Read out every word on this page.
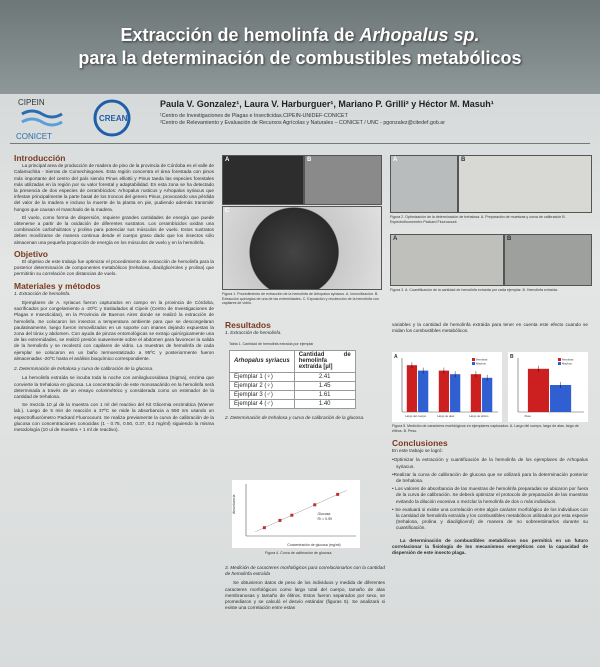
Extracción de hemolinfa de Arhopalus sp.
para la determinación de combustibles metabólicos
CIPEIN
CONICET
CREAN
Paula V. Gonzalez¹, Laura V. Harburguer¹, Mariano P. Grilli² y Héctor M. Masuh¹
¹Centro de Investigaciones de Plagas e Insecticidas.CIPEIN-UNIDEF-CONICET
²Centro de Relevamiento y Evaluación de Recursos Agrícolas y Naturales – CONICET / UNC - pgonzalez@citedef.gob.ar
Introducción
La principal area de producción de madera de pino de la provincia de Córdoba es el valle de Calamuchita - Sierras de Comechingones. Esta región concentra el área forestada con pinos más importante del centro del país siendo Pinus elliottii y Pinus taeda las especies forestales más utilizadas en la región por su valor forestal y adaptabilidad. En esta zona se ha detectado la presencia de dos especies de cerambícidos: Arhopalus rusticus y Arhopalus syriacus que infestan principalmente la parte basal de los troncos del genero Pinus, provocando una pérdida del valor de la madera e incluso la muerte de la planta en pie, pudiendo además transmitir hongos que causan el manchado de la madera.
El vuelo, como forma de dispersión, requiere grandes cantidades de energía que puede obtenerse a partir de la oxidación de diferentes sustratos. Los cerambícidos oxidan una combinación carbohidratos y prolina para potenciar sus músculos de vuelo. Estos sustratos deben movilizarse de manera continua desde el cuerpo graso dado que los insectos sólo almacenan una pequeña proporción de energía en los músculos de vuelo y en la hemolinfa.
Objetivo
El objetivo de este trabajo fue optimizar el procedimiento de extracción de hemolinfa para la posterior determinación de componentes metabólicos (trehalosa, diacilglicéroles y prolina) que permitirán su correlación con distancias de vuelo.
Materiales y métodos
1. Extracción de hemolinfa.
Ejemplares de A. syriacus fueron capturados en campo en la provincia de Córdoba, sacrificados por congelamiento a -20ºC y trasladados al Cipein (Centro de Investigaciones de Plagas e Insecticidas), en la Provincia de Buenos Aires donde se realizó la extracción de hemolinfa. Se colocaron los insectos a temperatura ambiente para que se descongelaran paulatinamente, luego fueron inmovilizados en un soporte con imanes dejando expuestas la zona del tórax y abdomen. Con ayuda de pinzas entomológicas se extrajo quirúrgicamente una de las extremidades, se realizó presión suavemente sobre el abdomen para favorecer la salida de la hemolinfa y se recolectó con capilares de vidrio. La muestras de hemolinfa de cada ejemplar se colocaron en un baño termoestatizado a 95ºC y posteriormente fueron almacenadas -20ºC hasta el análisis bioquímico correspondiente.
2. Determinación de trehalosa y curva de calibración de la glucosa.
La hemolinfa extraída se incuba toda la noche con amiloglucosidasa (Sigma), enzima que convierte la trehalosa en glucosa. La concentración de este monosacárido en la hemolinfa será determinada a través de un ensayo colorimétrico y considerada como un estimador de la cantidad de trehalosa.
Se mezcla 10 µl de la muestra con 1 ml del reactivo del Kit Glicemia enzimática (Wiener lab.). Luego de 5 min de reacción a 37ºC se mide la absorbancia a 550 nm usando un espectrofluorómetro Packard Fluorocount. Se realiza previamente la curva de calibración de la glucosa con concentraciones conocidas (1 - 0.75, 0.50, 0.37, 0.2 mg/ml) siguiendo la misma metodología (10 ul de muestra + 1 ml de reactivo).
A	B
C
Figura 1. Procedimiento de extracción de la hemolinfa de Arhopalus syriacus. A. Inmovilización. B. Extracción quirúrgica de una de las extremidades. C. Exposición y recolección de la hemolinfa con capilares de vidrio.
A	B
Figura 2. Optimización de la determinación de trehalosa. A. Preparación de muestras y curva de calibración B. Espectrofluorómetro Packard Fluorocount.
A	B
Figura 3. A. Cuantificación de la cantidad de hemolinfa extraída por cada ejemplar. B. Hemolinfa extraída.
Resultados
1. Extracción de hemolinfa.
Tabla 1. Cantidad de hemolinfa extraída por ejemplar
Arhopalus syriacus	Cantidad de hemolinfa extraída [µl]
Ejemplar 1 (♀)	2.41
Ejemplar 2 (♀)	1.45
Ejemplar 3 (♂)	1.61
Ejemplar 4 (♂)	1.40
2. Determinación de trehalosa y curva de calibración de la glucosa.
Concentración de glucosa (mg/ml)
Absorbancia
Glucosa
R² = 0.99
Figura 4. Curva de calibración de glucosa.
3. Medición de caracteres morfológicos para correlacionarlos con la cantidad de hemolinfa extraída
Se obtuvieron datos de peso de los individuos y medida de diferentes caracteres morfológicos como largo total del cuerpo, tamaño de alas membranosas y tamaño de élitros. Estos fueron separados por sexo, se promediaron y se calculó el desvío estándar (figuras 5). Se analizará si existe una correlación entre estas
variables y la cantidad de hemolinfa extraída para tener en cuenta este efecto cuando se midan los combustibles metabólicos.
Largo del cuerpo	Largo de alas	Largo de élitros
Hembras
Machos
A
Peso
Hembras
Machos
B
Figura 5. Medición de caracteres morfológicos en ejemplares capturados. A. Largo del cuerpo, largo de alas, largo de élitros. B. Peso.
Conclusiones
En este trabajo se logró:
•Optimizar la extracción y cuantificación de la hemolinfa de los ejemplares de Arhopalus syriacus.
•Realizar la curva de calibración de glucosa que se utilizará para la determinación posterior de trehalosa.
• Los valores de absorbancia de las muestras de hemolinfa preparadas se ubicaron por fuera de la curva de calibración. Se deberá optimizar el protocolo de preparación de las muestras evitando la dilución excesiva o mezclar la hemolinfa de dos o más individuos.
• Se evaluará si existe una correlación entre algún carácter morfológico de los individuos con la cantidad de hemolinfa extraída y los combustibles metabólicos utilizados por esta especie (trehalosa, prolina y diacilglicerol) de manera de no sobreestimarlos durante su cuantificación.
La determinación de combustibles metabólicos nos permitirá en un futuro correlacionar la fisiología de los mecanismos energéticos con la capacidad de dispersión de este insecto plaga.
